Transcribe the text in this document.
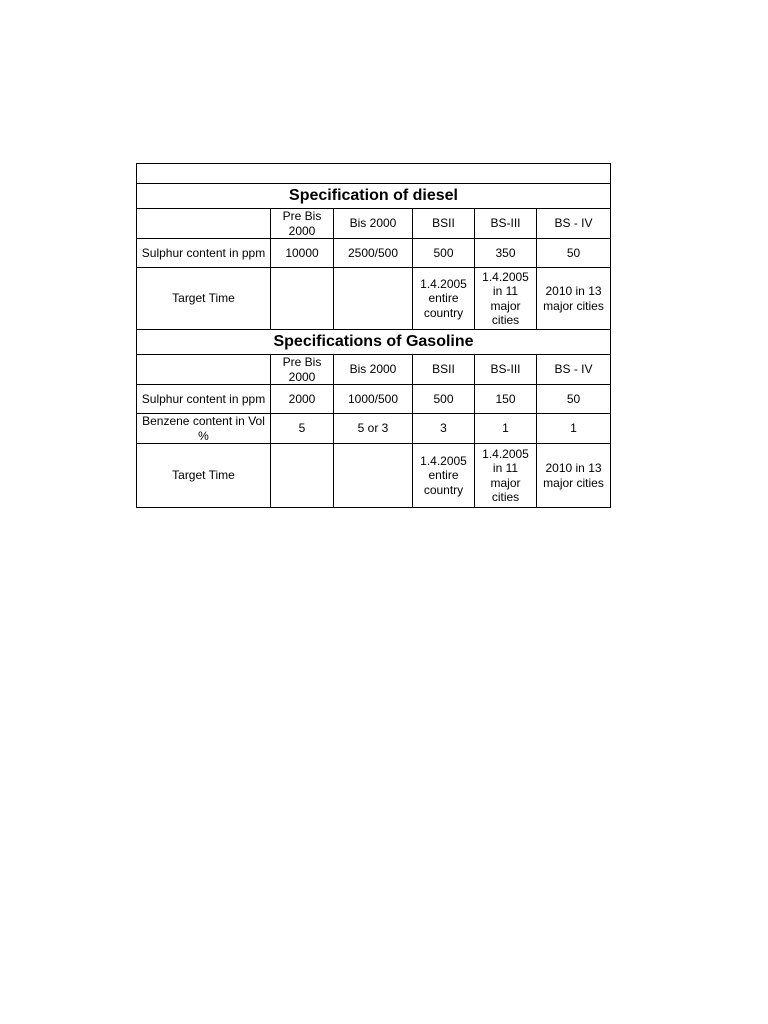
Specification of diesel					
	Pre Bis 2000	Bis 2000	BSII	BS-III	BS - IV
Sulphur content in ppm	10000	2500/500	500	350	50
Target Time			1.4.2005 entire country	1.4.2005 in 11 major cities	2010 in 13 major cities
Specifications of Gasoline					
	Pre Bis 2000	Bis 2000	BSII	BS-III	BS - IV
Sulphur content in ppm	2000	1000/500	500	150	50
Benzene content in Vol %	5	5 or 3	3	1	1
Target Time			1.4.2005 entire country	1.4.2005 in 11 major cities	2010 in 13 major cities
